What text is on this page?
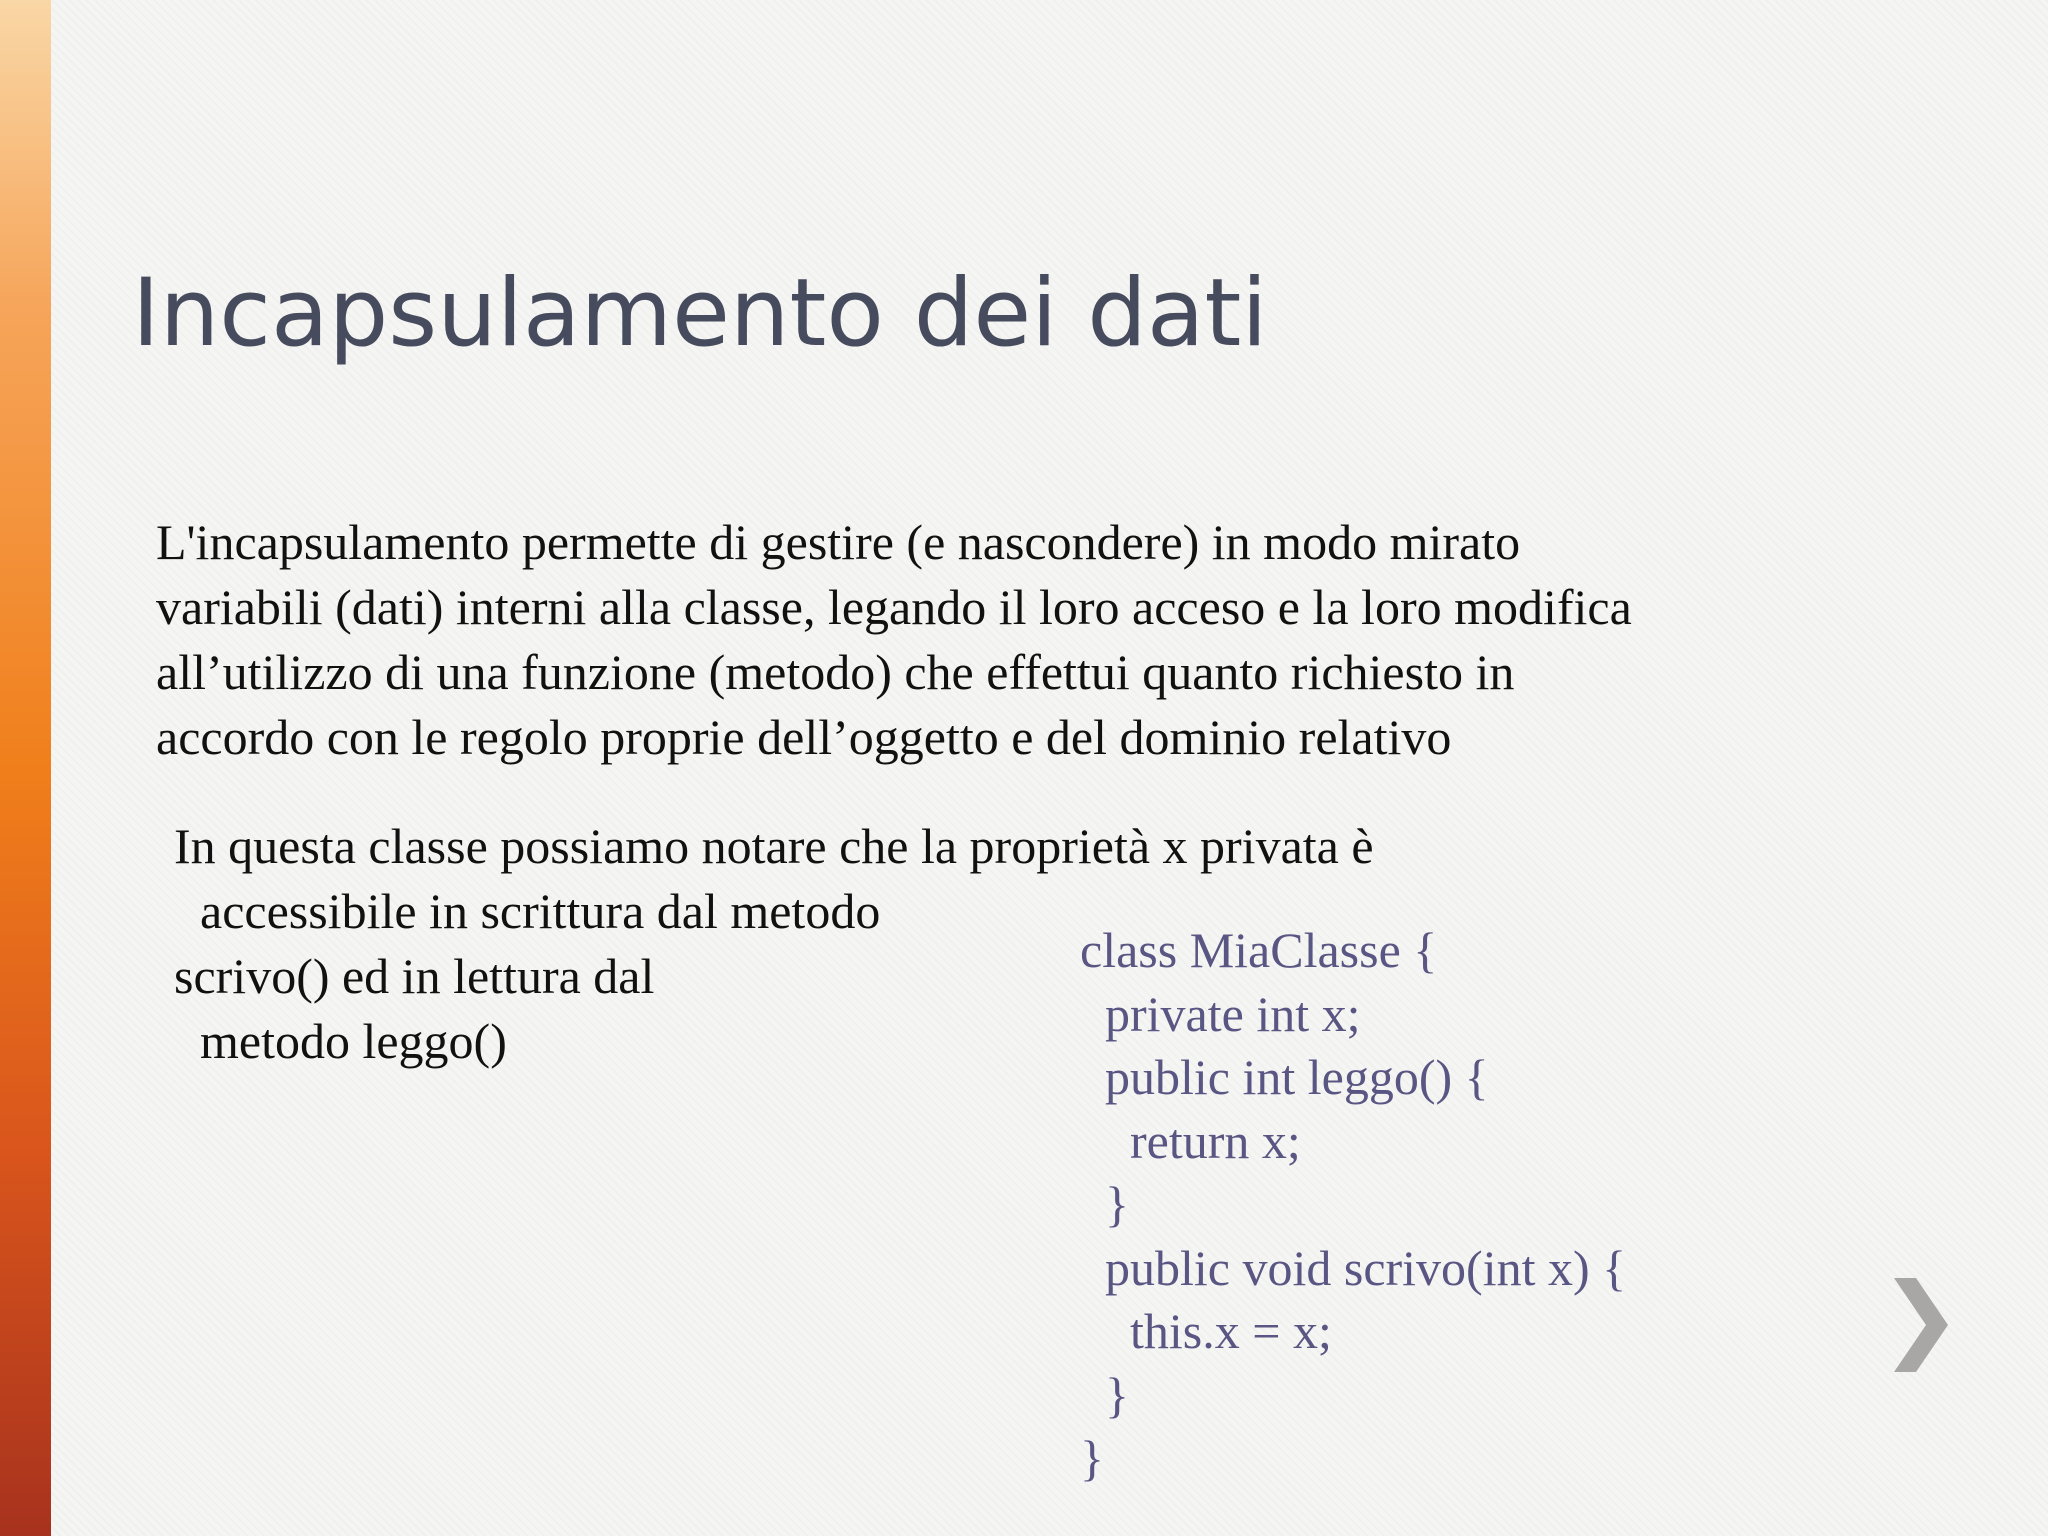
Incapsulamento dei dati
L'incapsulamento permette di gestire (e nascondere) in modo mirato
variabili (dati) interni alla classe, legando il loro acceso e la loro modifica
all’utilizzo di una funzione (metodo) che effettui quanto richiesto in
accordo con le regolo proprie dell’oggetto e del dominio relativo
In questa classe possiamo notare che la proprietà x privata è
accessibile in scrittura dal metodo
scrivo() ed in lettura dal
metodo leggo()
class MiaClasse {
private int x;
public int leggo() {
return x;
}
public void scrivo(int x) {
this.x = x;
}
}
